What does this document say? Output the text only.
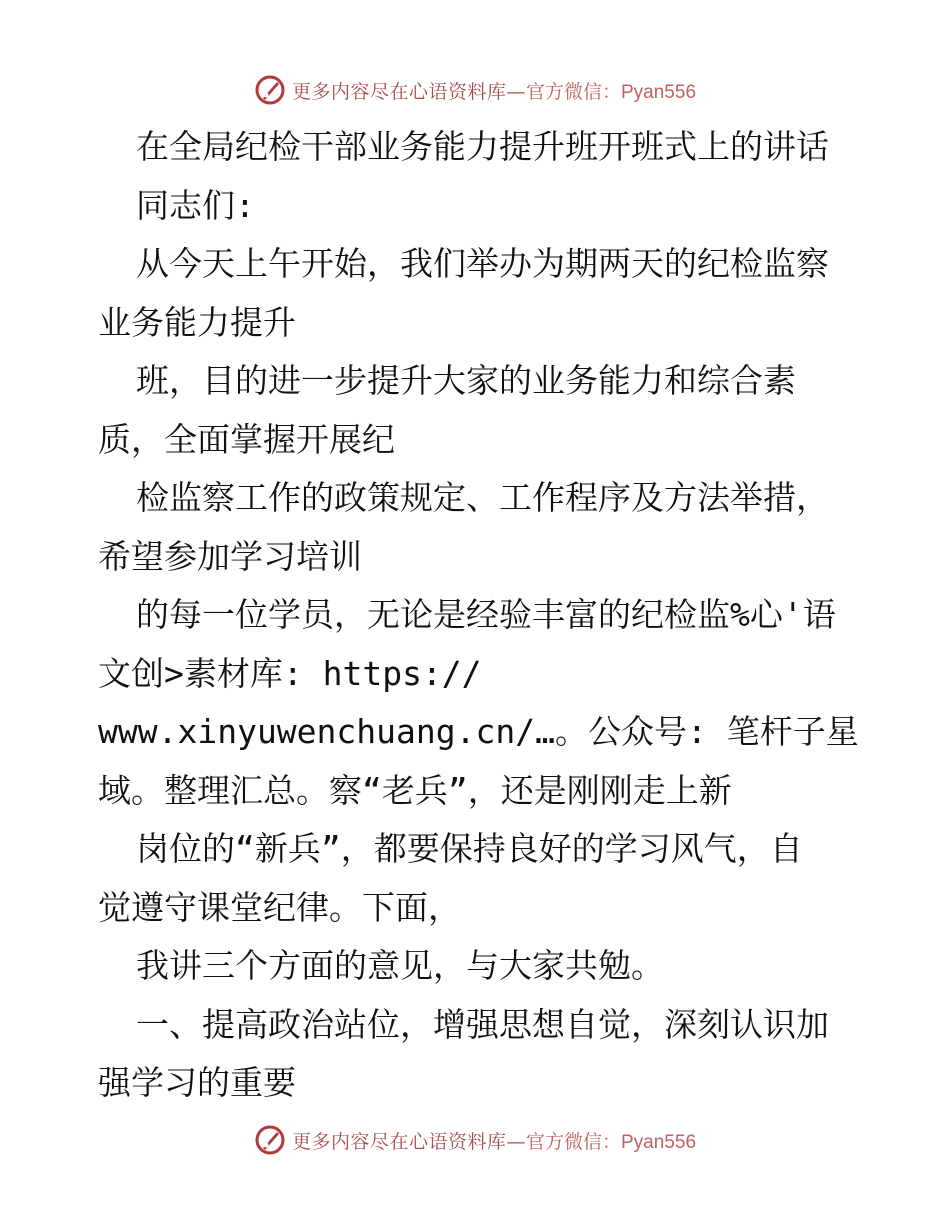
更多内容尽在心语资料库— 官方微信：Pyan556
在全局纪检干部业务能力提升班开班式上的讲话
同志们:
从今天上午开始，我们举办为期两天的纪检监察
业务能力提升
班，目的进一步提升大家的业务能力和综合素
质，全面掌握开展纪
检监察工作的政策规定、工作程序及方法举措，
希望参加学习培训
的每一位学员，无论是经验丰富的纪检监%心'语
文创>素材库: https://
www.xinyuwenchuang.cn/…。公众号: 笔杆子星
域。整理汇总。察“老兵”，还是刚刚走上新
岗位的“新兵”，都要保持良好的学习风气，自
觉遵守课堂纪律。下面，
我讲三个方面的意见，与大家共勉。
一、提高政治站位，增强思想自觉，深刻认识加
强学习的重要
更多内容尽在心语资料库— 官方微信：Pyan556
